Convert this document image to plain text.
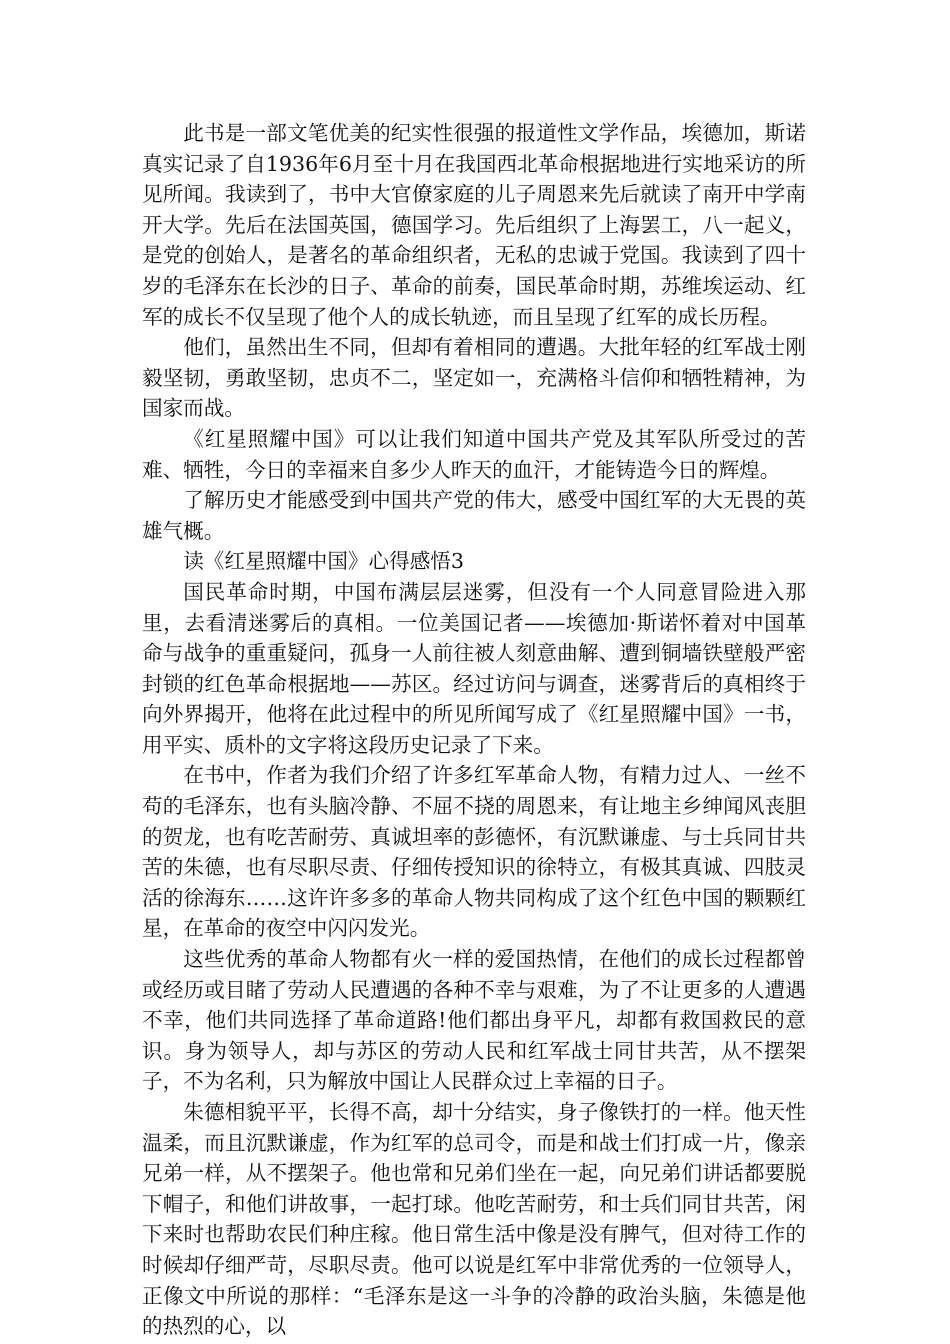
此书是一部文笔优美的纪实性很强的报道性文学作品，埃德加，斯诺真实记录了自1936年6月至十月在我国西北革命根据地进行实地采访的所见所闻。我读到了，书中大官僚家庭的儿子周恩来先后就读了南开中学南开大学。先后在法国英国，德国学习。先后组织了上海罢工，八一起义，是党的创始人，是著名的革命组织者，无私的忠诚于党国。我读到了四十岁的毛泽东在长沙的日子、革命的前奏，国民革命时期，苏维埃运动、红军的成长不仅呈现了他个人的成长轨迹，而且呈现了红军的成长历程。

他们，虽然出生不同，但却有着相同的遭遇。大批年轻的红军战士刚毅坚韧，勇敢坚韧，忠贞不二，坚定如一，充满格斗信仰和牺牲精神，为国家而战。

《红星照耀中国》可以让我们知道中国共产党及其军队所受过的苦难、牺牲，今日的幸福来自多少人昨天的血汗，才能铸造今日的辉煌。

了解历史才能感受到中国共产党的伟大，感受中国红军的大无畏的英雄气概。

读《红星照耀中国》心得感悟3

国民革命时期，中国布满层层迷雾，但没有一个人同意冒险进入那里，去看清迷雾后的真相。一位美国记者——埃德加·斯诺怀着对中国革命与战争的重重疑问，孤身一人前往被人刻意曲解、遭到铜墙铁壁般严密封锁的红色革命根据地——苏区。经过访问与调查，迷雾背后的真相终于向外界揭开，他将在此过程中的所见所闻写成了《红星照耀中国》一书，用平实、质朴的文字将这段历史记录了下来。

在书中，作者为我们介绍了许多红军革命人物，有精力过人、一丝不苟的毛泽东，也有头脑冷静、不屈不挠的周恩来，有让地主乡绅闻风丧胆的贺龙，也有吃苦耐劳、真诚坦率的彭德怀，有沉默谦虚、与士兵同甘共苦的朱德，也有尽职尽责、仔细传授知识的徐特立，有极其真诚、四肢灵活的徐海东……这许许多多的革命人物共同构成了这个红色中国的颗颗红星，在革命的夜空中闪闪发光。

这些优秀的革命人物都有火一样的爱国热情，在他们的成长过程都曾或经历或目睹了劳动人民遭遇的各种不幸与艰难，为了不让更多的人遭遇不幸，他们共同选择了革命道路!他们都出身平凡，却都有救国救民的意识。身为领导人，却与苏区的劳动人民和红军战士同甘共苦，从不摆架子，不为名利，只为解放中国让人民群众过上幸福的日子。

朱德相貌平平，长得不高，却十分结实，身子像铁打的一样。他天性温柔，而且沉默谦虚，作为红军的总司令，而是和战士们打成一片，像亲兄弟一样，从不摆架子。他也常和兄弟们坐在一起，向兄弟们讲话都要脱下帽子，和他们讲故事，一起打球。他吃苦耐劳，和士兵们同甘共苦，闲下来时也帮助农民们种庄稼。他日常生活中像是没有脾气，但对待工作的时候却仔细严苛，尽职尽责。他可以说是红军中非常优秀的一位领导人，正像文中所说的那样：“毛泽东是这一斗争的冷静的政治头脑，朱德是他的热烈的心，以
